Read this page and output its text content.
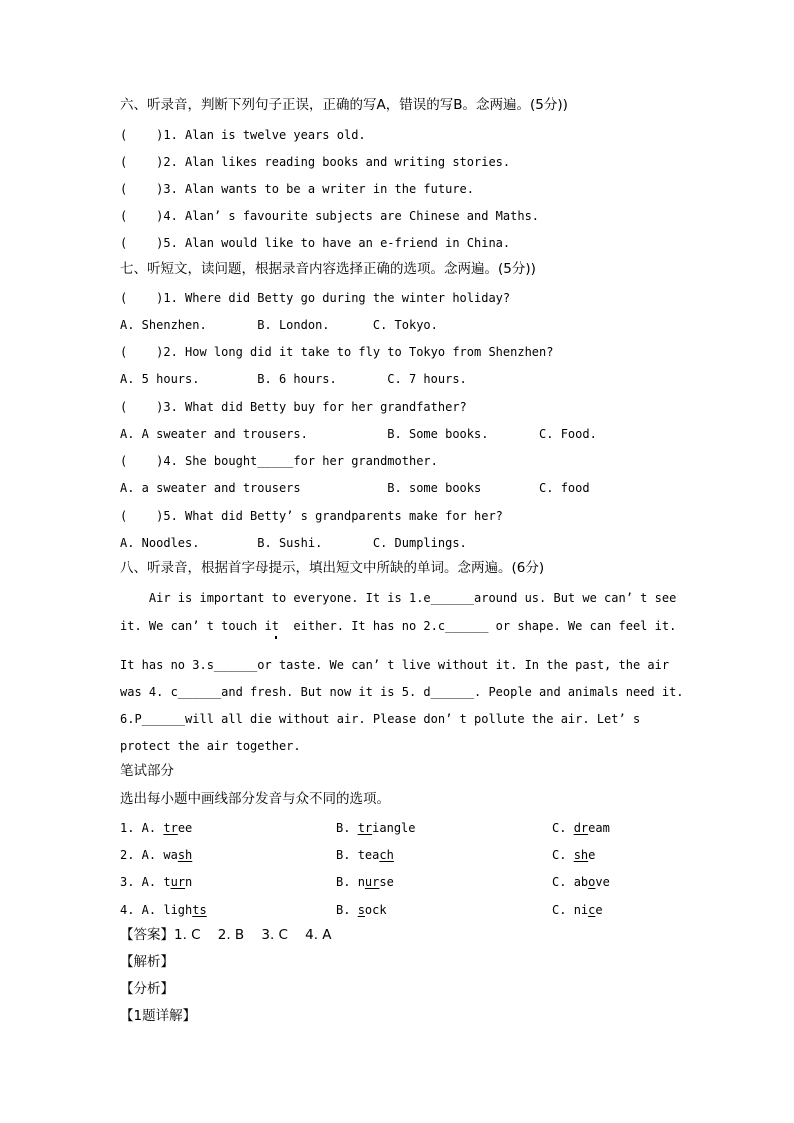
六、听录音，判断下列句子正误，正确的写A，错误的写B。念两遍。(5分))
(    )1. Alan is twelve years old.
(    )2. Alan likes reading books and writing stories.
(    )3. Alan wants to be a writer in the future.
(    )4. Alan’ s favourite subjects are Chinese and Maths.
(    )5. Alan would like to have an e-friend in China.
七、听短文，读问题，根据录音内容选择正确的选项。念两遍。(5分))
(    )1. Where did Betty go during the winter holiday?
A. Shenzhen.       B. London.      C. Tokyo.
(    )2. How long did it take to fly to Tokyo from Shenzhen?
A. 5 hours.        B. 6 hours.       C. 7 hours.
(    )3. What did Betty buy for her grandfather?
A. A sweater and trousers.           B. Some books.       C. Food.
(    )4. She bought_____for her grandmother.
A. a sweater and trousers            B. some books        C. food
(    )5. What did Betty’ s grandparents make for her?
A. Noodles.        B. Sushi.       C. Dumplings.
八、听录音，根据首字母提示，填出短文中所缺的单词。念两遍。(6分)
Air is important to everyone. It is 1.e______around us. But we can’ t see
it. We can’ t touch it  either. It has no 2.c______ or shape. We can feel it.
It has no 3.s______or taste. We can’ t live without it. In the past, the air
was 4. c______and fresh. But now it is 5. d______. People and animals need it.
6.P______will all die without air. Please don’ t pollute the air. Let’ s
protect the air together.
笔试部分
选出每小题中画线部分发音与众不同的选项。
1. A. tree	B. triangle	C. dream
2. A. wash	B. teach	C. she
3. A. turn	B. nurse	C. above
4. A. lights	B. sock	C. nice
【答案】1. C    2. B    3. C    4. A
【解析】
【分析】
【1题详解】
